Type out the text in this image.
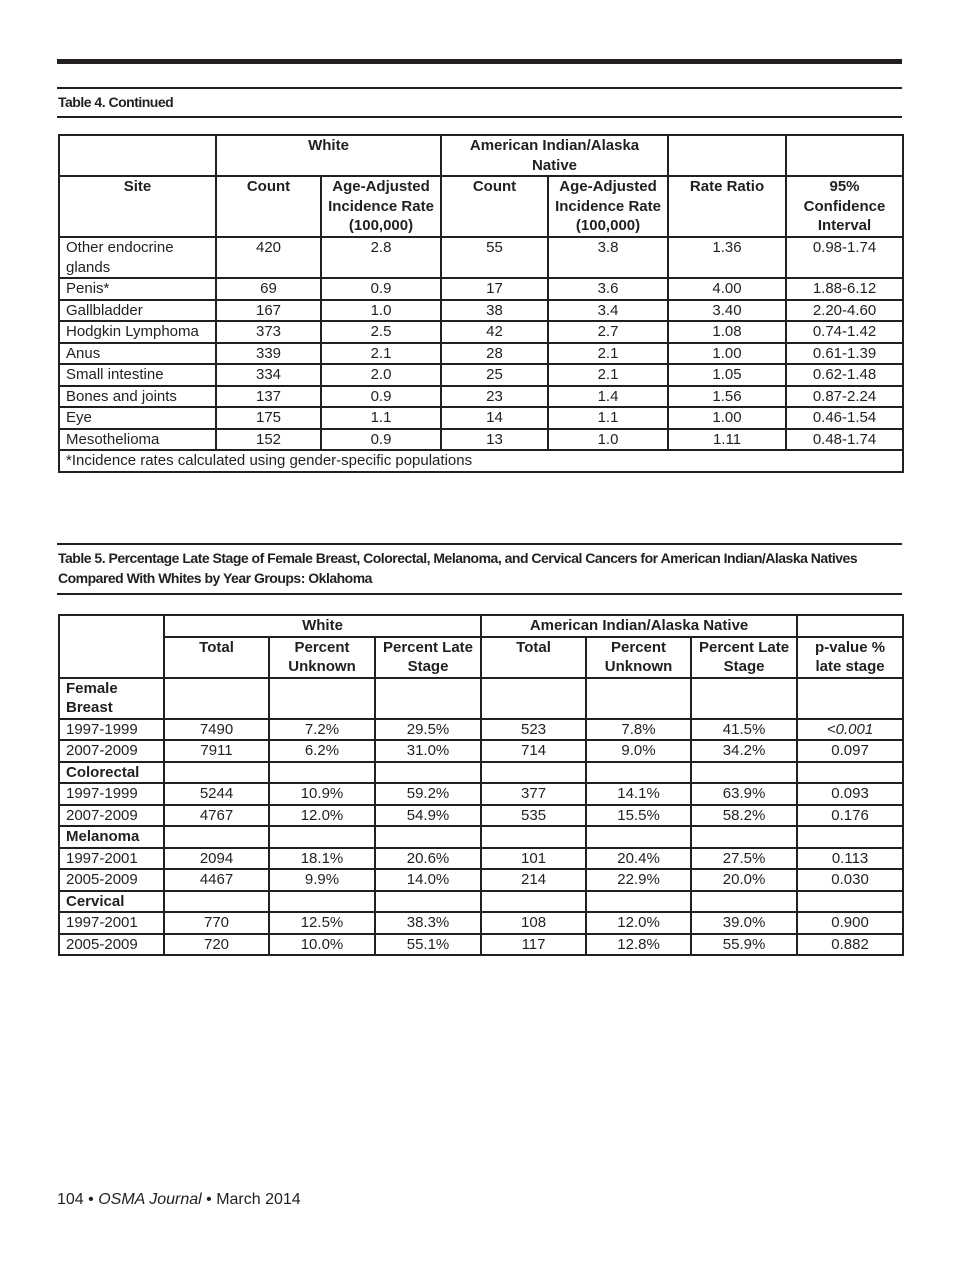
Table 4. Continued
	White		American Indian/Alaska Native			
Site	Count	Age-Adjusted Incidence Rate (100,000)	Count	Age-Adjusted Incidence Rate (100,000)	Rate Ratio	95% Confidence Interval
Other endocrine glands	420	2.8	55	3.8	1.36	0.98-1.74
Penis*	69	0.9	17	3.6	4.00	1.88-6.12
Gallbladder	167	1.0	38	3.4	3.40	2.20-4.60
Hodgkin Lymphoma	373	2.5	42	2.7	1.08	0.74-1.42
Anus	339	2.1	28	2.1	1.00	0.61-1.39
Small intestine	334	2.0	25	2.1	1.05	0.62-1.48
Bones and joints	137	0.9	23	1.4	1.56	0.87-2.24
Eye	175	1.1	14	1.1	1.00	0.46-1.54
Mesothelioma	152	0.9	13	1.0	1.11	0.48-1.74
*Incidence rates calculated using gender-specific populations						
Table 5. Percentage Late Stage of Female Breast, Colorectal, Melanoma, and Cervical Cancers for American Indian/Alaska Natives Compared With Whites by Year Groups: Oklahoma
	White			American Indian/Alaska Native			
	Total	Percent Unknown	Percent Late Stage	Total	Percent Unknown	Percent Late Stage	p-value % late stage
Female Breast							
1997-1999	7490	7.2%	29.5%	523	7.8%	41.5%	<0.001
2007-2009	7911	6.2%	31.0%	714	9.0%	34.2%	0.097
Colorectal							
1997-1999	5244	10.9%	59.2%	377	14.1%	63.9%	0.093
2007-2009	4767	12.0%	54.9%	535	15.5%	58.2%	0.176
Melanoma							
1997-2001	2094	18.1%	20.6%	101	20.4%	27.5%	0.113
2005-2009	4467	9.9%	14.0%	214	22.9%	20.0%	0.030
Cervical							
1997-2001	770	12.5%	38.3%	108	12.0%	39.0%	0.900
2005-2009	720	10.0%	55.1%	117	12.8%	55.9%	0.882
104 • OSMA Journal • March 2014
